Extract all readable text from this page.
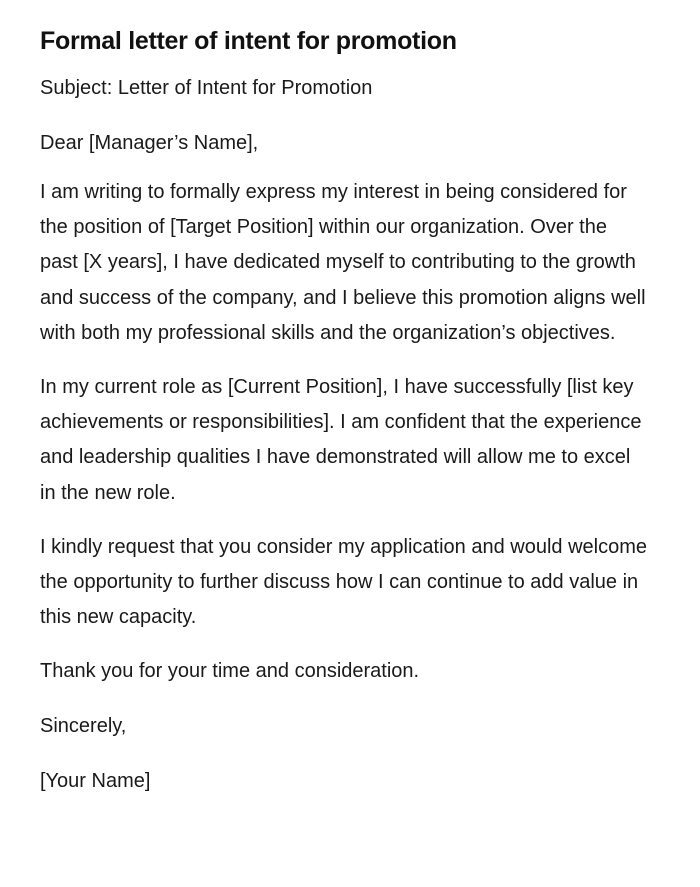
Formal letter of intent for promotion

Subject: Letter of Intent for Promotion

Dear [Manager’s Name],

I am writing to formally express my interest in being considered for the position of [Target Position] within our organization. Over the past [X years], I have dedicated myself to contributing to the growth and success of the company, and I believe this promotion aligns well with both my professional skills and the organization’s objectives.

In my current role as [Current Position], I have successfully [list key achievements or responsibilities]. I am confident that the experience and leadership qualities I have demonstrated will allow me to excel in the new role.

I kindly request that you consider my application and would welcome the opportunity to further discuss how I can continue to add value in this new capacity.

Thank you for your time and consideration.

Sincerely,

[Your Name]
